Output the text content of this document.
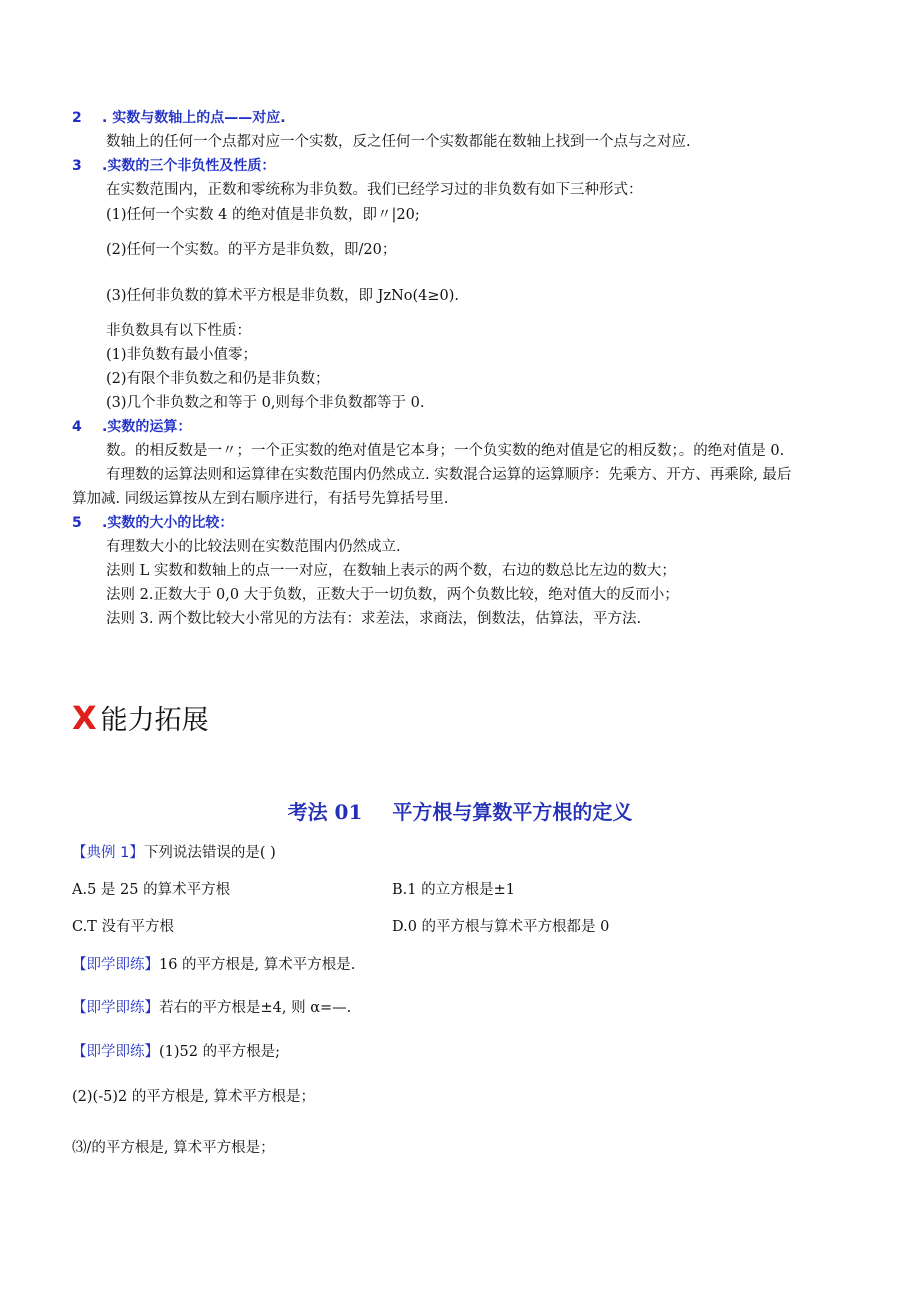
2 . 实数与数轴上的点——对应.
数轴上的任何一个点都对应一个实数，反之任何一个实数都能在数轴上找到一个点与之对应.
3 .实数的三个非负性及性质：
在实数范围内，正数和零统称为非负数。我们已经学习过的非负数有如下三种形式：
(1)任何一个实数 4 的绝对值是非负数，即〃|20;
(2)任何一个实数。的平方是非负数，即/20；
(3)任何非负数的算术平方根是非负数，即 JzNo(4≥0).
非负数具有以下性质：
(1)非负数有最小值零；
(2)有限个非负数之和仍是非负数；
(3)几个非负数之和等于 0,则每个非负数都等于 0.
4 .实数的运算：
数。的相反数是一〃；一个正实数的绝对值是它本身；一个负实数的绝对值是它的相反数；。的绝对值是 0.
有理数的运算法则和运算律在实数范围内仍然成立. 实数混合运算的运算顺序：先乘方、开方、再乘除, 最后
算加减. 同级运算按从左到右顺序进行，有括号先算括号里.
5 .实数的大小的比较：
有理数大小的比较法则在实数范围内仍然成立.
法则 L 实数和数轴上的点一一对应，在数轴上表示的两个数，右边的数总比左边的数大；
法则 2.正数大于 0,0 大于负数，正数大于一切负数，两个负数比较，绝对值大的反而小；
法则 3. 两个数比较大小常见的方法有：求差法，求商法，倒数法，估算法，平方法.
X 能力拓展
考法 01 平方根与算数平方根的定义
【典例 1】下列说法错误的是( )
A.5 是 25 的算术平方根	B.1 的立方根是±1
C.T 没有平方根	D.0 的平方根与算术平方根都是 0
【即学即练】16 的平方根是, 算术平方根是.
【即学即练】若右的平方根是±4, 则 α=—.
【即学即练】(1)52 的平方根是;
(2)(-5)2 的平方根是, 算术平方根是；
⑶/的平方根是, 算术平方根是；
